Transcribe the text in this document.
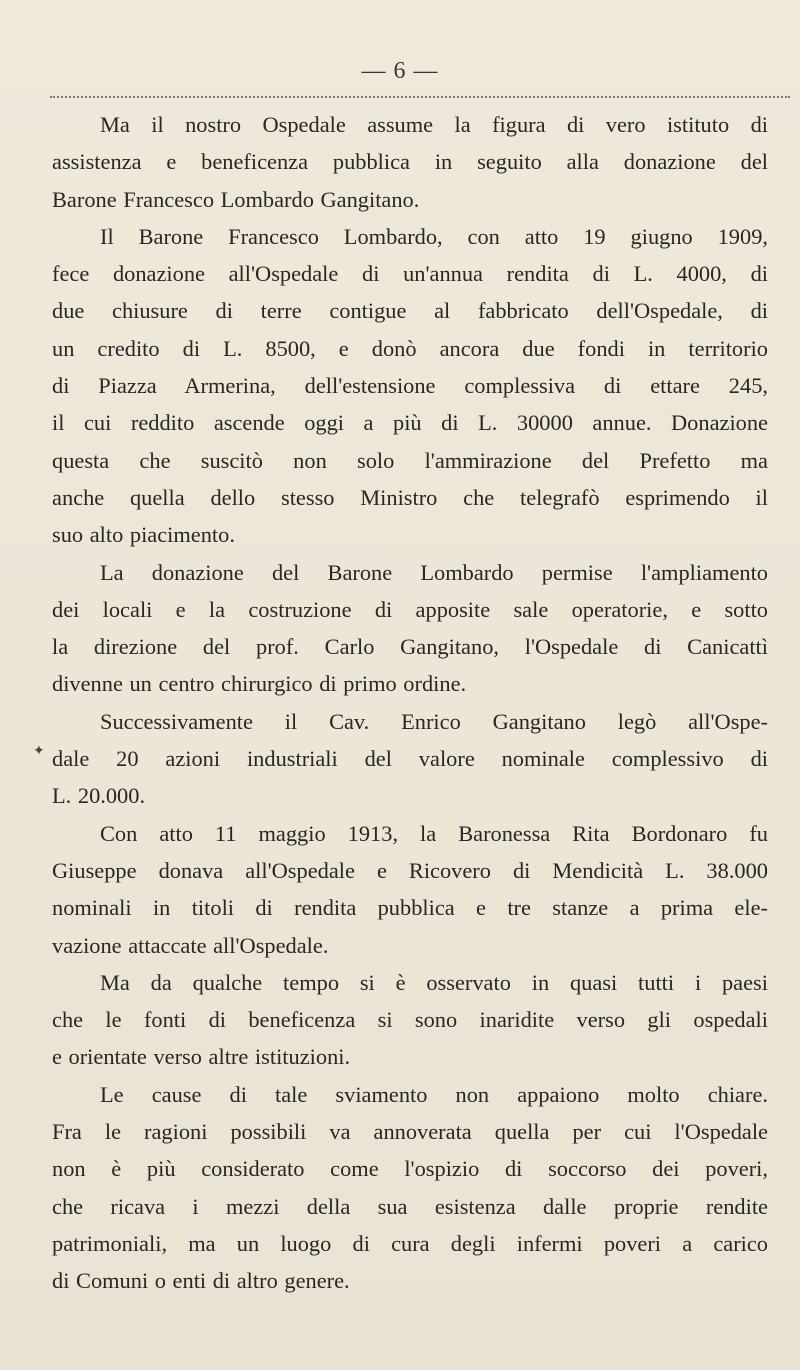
— 6 —
✦
Ma il nostro Ospedale assume la figura di vero istituto di
assistenza e beneficenza pubblica in seguito alla donazione del
Barone Francesco Lombardo Gangitano.
Il Barone Francesco Lombardo, con atto 19 giugno 1909,
fece donazione all'Ospedale di un'annua rendita di L. 4000, di
due chiusure di terre contigue al fabbricato dell'Ospedale, di
un credito di L. 8500, e donò ancora due fondi in territorio
di Piazza Armerina, dell'estensione complessiva di ettare 245,
il cui reddito ascende oggi a più di L. 30000 annue. Donazione
questa che suscitò non solo l'ammirazione del Prefetto ma
anche quella dello stesso Ministro che telegrafò esprimendo il
suo alto piacimento.
La donazione del Barone Lombardo permise l'ampliamento
dei locali e la costruzione di apposite sale operatorie, e sotto
la direzione del prof. Carlo Gangitano, l'Ospedale di Canicattì
divenne un centro chirurgico di primo ordine.
Successivamente il Cav. Enrico Gangitano legò all'Ospe-
dale 20 azioni industriali del valore nominale complessivo di
L. 20.000.
Con atto 11 maggio 1913, la Baronessa Rita Bordonaro fu
Giuseppe donava all'Ospedale e Ricovero di Mendicità L. 38.000
nominali in titoli di rendita pubblica e tre stanze a prima ele-
vazione attaccate all'Ospedale.
Ma da qualche tempo si è osservato in quasi tutti i paesi
che le fonti di beneficenza si sono inaridite verso gli ospedali
e orientate verso altre istituzioni.
Le cause di tale sviamento non appaiono molto chiare.
Fra le ragioni possibili va annoverata quella per cui l'Ospedale
non è più considerato come l'ospizio di soccorso dei poveri,
che ricava i mezzi della sua esistenza dalle proprie rendite
patrimoniali, ma un luogo di cura degli infermi poveri a carico
di Comuni o enti di altro genere.
